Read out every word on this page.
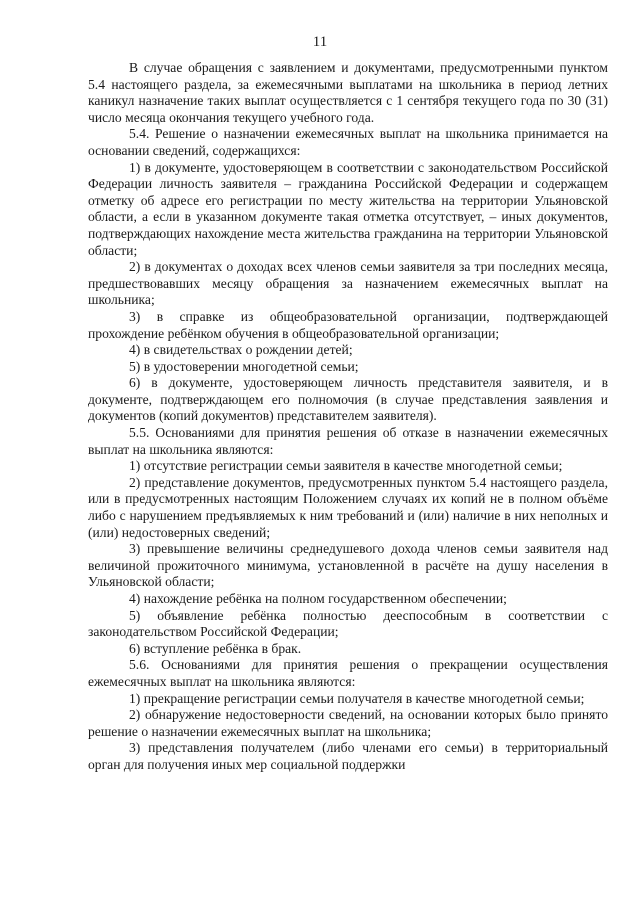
11

В случае обращения с заявлением и документами, предусмотренными пунктом 5.4 настоящего раздела, за ежемесячными выплатами на школьника в период летних каникул назначение таких выплат осуществляется с 1 сентября текущего года по 30 (31) число месяца окончания текущего учебного года.

5.4. Решение о назначении ежемесячных выплат на школьника принимается на основании сведений, содержащихся:

1) в документе, удостоверяющем в соответствии с законодательством Российской Федерации личность заявителя – гражданина Российской Федерации и содержащем отметку об адресе его регистрации по месту жительства на территории Ульяновской области, а если в указанном документе такая отметка отсутствует, – иных документов, подтверждающих нахождение места жительства гражданина на территории Ульяновской области;

2) в документах о доходах всех членов семьи заявителя за три последних месяца, предшествовавших месяцу обращения за назначением ежемесячных выплат на школьника;

3) в справке из общеобразовательной организации, подтверждающей прохождение ребёнком обучения в общеобразовательной организации;

4) в свидетельствах о рождении детей;

5) в удостоверении многодетной семьи;

6) в документе, удостоверяющем личность представителя заявителя, и в документе, подтверждающем его полномочия (в случае представления заявления и документов (копий документов) представителем заявителя).

5.5. Основаниями для принятия решения об отказе в назначении ежемесячных выплат на школьника являются:

1) отсутствие регистрации семьи заявителя в качестве многодетной семьи;

2) представление документов, предусмотренных пунктом 5.4 настоящего раздела, или в предусмотренных настоящим Положением случаях их копий не в полном объёме либо с нарушением предъявляемых к ним требований и (или) наличие в них неполных и (или) недостоверных сведений;

3) превышение величины среднедушевого дохода членов семьи заявителя над величиной прожиточного минимума, установленной в расчёте на душу населения в Ульяновской области;

4) нахождение ребёнка на полном государственном обеспечении;

5) объявление ребёнка полностью дееспособным в соответствии с законодательством Российской Федерации;

6) вступление ребёнка в брак.

5.6. Основаниями для принятия решения о прекращении осуществления ежемесячных выплат на школьника являются:

1) прекращение регистрации семьи получателя в качестве многодетной семьи;

2) обнаружение недостоверности сведений, на основании которых было принято решение о назначении ежемесячных выплат на школьника;

3) представления получателем (либо членами его семьи) в территориальный орган для получения иных мер социальной поддержки
